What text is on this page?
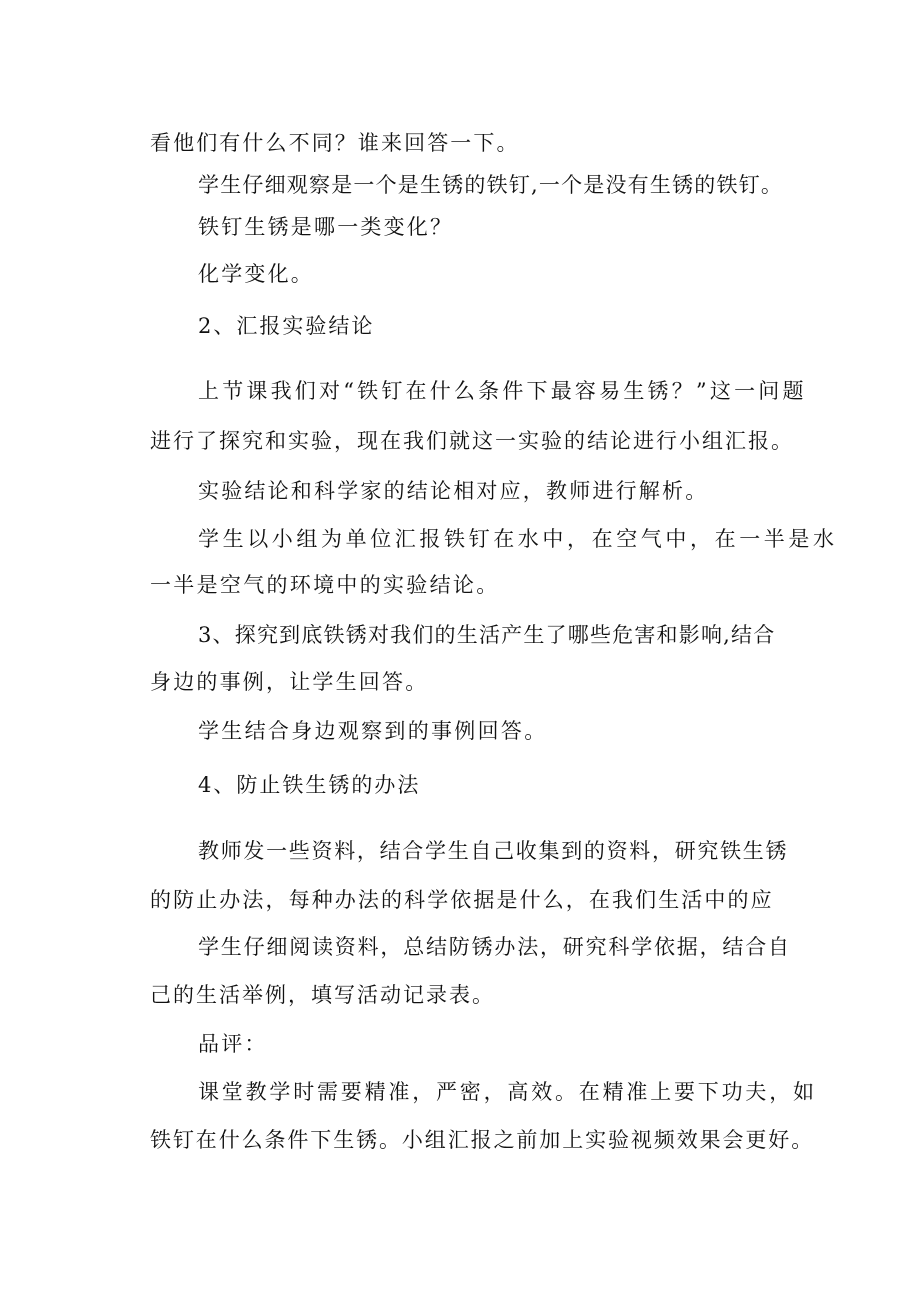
看他们有什么不同？谁来回答一下。
学生仔细观察是一个是生锈的铁钉,一个是没有生锈的铁钉。
铁钉生锈是哪一类变化？
化学变化。
2、汇报实验结论
上节课我们对“铁钉在什么条件下最容易生锈？”这一问题
进行了探究和实验，现在我们就这一实验的结论进行小组汇报。
实验结论和科学家的结论相对应，教师进行解析。
学生以小组为单位汇报铁钉在水中，在空气中，在一半是水
一半是空气的环境中的实验结论。
3、探究到底铁锈对我们的生活产生了哪些危害和影响,结合
身边的事例，让学生回答。
学生结合身边观察到的事例回答。
4、防止铁生锈的办法
教师发一些资料，结合学生自己收集到的资料，研究铁生锈
的防止办法，每种办法的科学依据是什么，在我们生活中的应
学生仔细阅读资料，总结防锈办法，研究科学依据，结合自
己的生活举例，填写活动记录表。
品评：
课堂教学时需要精准，严密，高效。在精准上要下功夫，如
铁钉在什么条件下生锈。小组汇报之前加上实验视频效果会更好。
